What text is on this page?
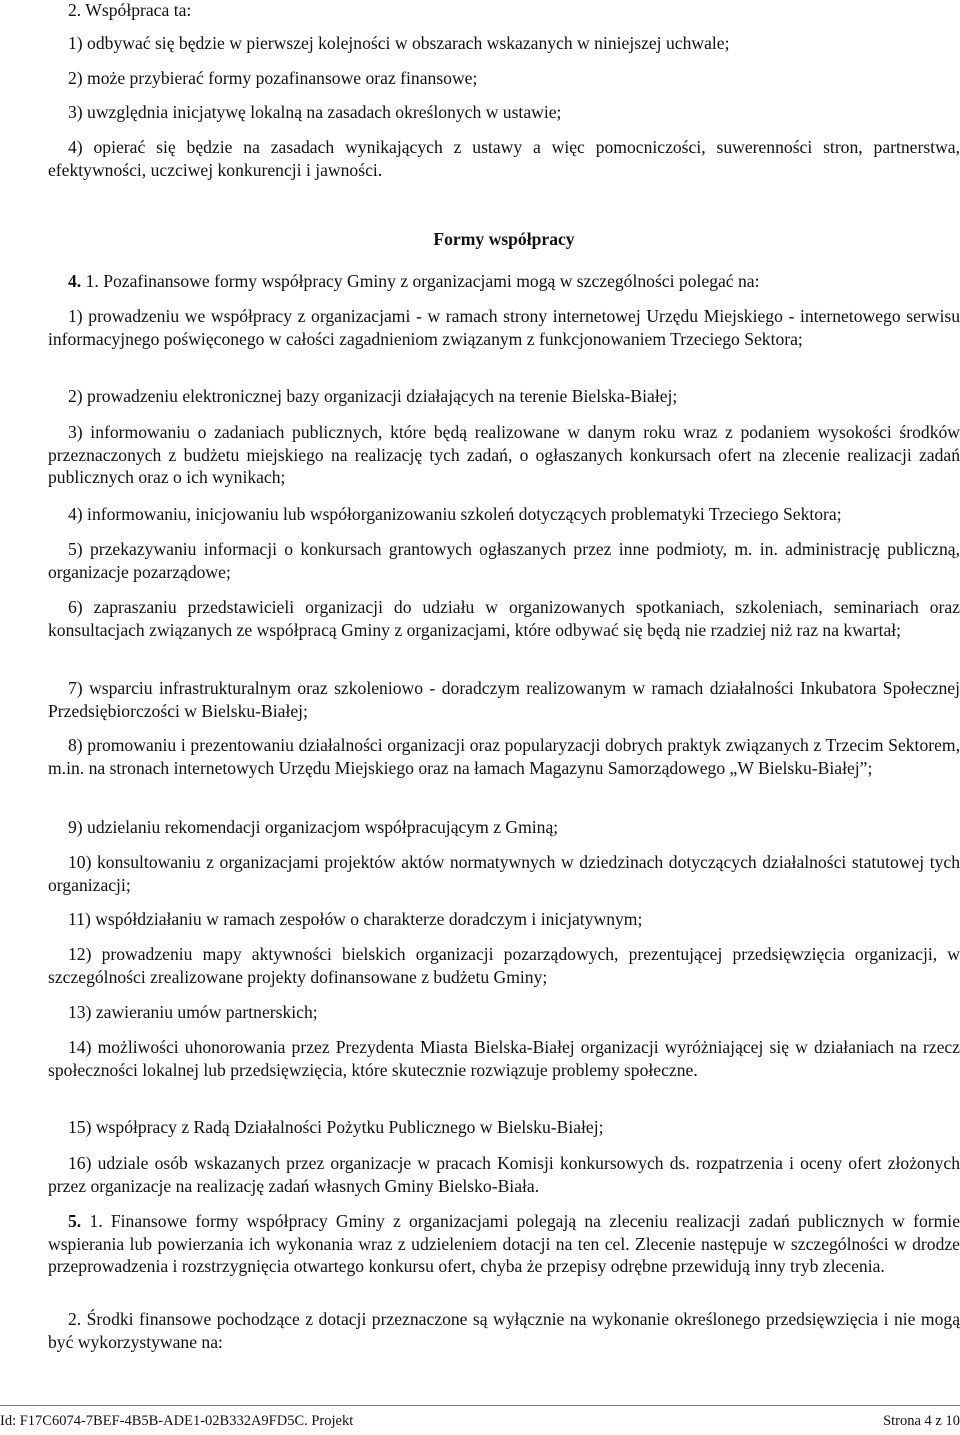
2. Współpraca ta:

1) odbywać się będzie w pierwszej kolejności w obszarach wskazanych w niniejszej uchwale;

2) może przybierać formy pozafinansowe oraz finansowe;

3) uwzględnia inicjatywę lokalną na zasadach określonych w ustawie;

4) opierać się będzie na zasadach wynikających z ustawy a więc pomocniczości, suwerenności stron, partnerstwa, efektywności, uczciwej konkurencji i jawności.

Formy współpracy

4. 1. Pozafinansowe formy współpracy Gminy z organizacjami mogą w szczególności polegać na:

1) prowadzeniu we współpracy z organizacjami - w ramach strony internetowej Urzędu Miejskiego - internetowego serwisu informacyjnego poświęconego w całości zagadnieniom związanym z funkcjonowaniem Trzeciego Sektora;

2) prowadzeniu elektronicznej bazy organizacji działających na terenie Bielska-Białej;

3) informowaniu o zadaniach publicznych, które będą realizowane w danym roku wraz z podaniem wysokości środków przeznaczonych z budżetu miejskiego na realizację tych zadań, o ogłaszanych konkursach ofert na zlecenie realizacji zadań publicznych oraz o ich wynikach;

4) informowaniu, inicjowaniu lub współorganizowaniu szkoleń dotyczących problematyki Trzeciego Sektora;

5) przekazywaniu informacji o konkursach grantowych ogłaszanych przez inne podmioty, m. in. administrację publiczną, organizacje pozarządowe;

6) zapraszaniu przedstawicieli organizacji do udziału w organizowanych spotkaniach, szkoleniach, seminariach oraz konsultacjach związanych ze współpracą Gminy z organizacjami, które odbywać się będą nie rzadziej niż raz na kwartał;

7) wsparciu infrastrukturalnym oraz szkoleniowo - doradczym realizowanym w ramach działalności Inkubatora Społecznej Przedsiębiorczości w Bielsku-Białej;

8) promowaniu i prezentowaniu działalności organizacji oraz popularyzacji dobrych praktyk związanych z Trzecim Sektorem, m.in. na stronach internetowych Urzędu Miejskiego oraz na łamach Magazynu Samorządowego „W Bielsku-Białej”;

9) udzielaniu rekomendacji organizacjom współpracującym z Gminą;

10) konsultowaniu z organizacjami projektów aktów normatywnych w dziedzinach dotyczących działalności statutowej tych organizacji;

11) współdziałaniu w ramach zespołów o charakterze doradczym i inicjatywnym;

12) prowadzeniu mapy aktywności bielskich organizacji pozarządowych, prezentującej przedsięwzięcia organizacji, w szczególności zrealizowane projekty dofinansowane z budżetu Gminy;

13) zawieraniu umów partnerskich;

14) możliwości uhonorowania przez Prezydenta Miasta Bielska-Białej organizacji wyróżniającej się w działaniach na rzecz społeczności lokalnej lub przedsięwzięcia, które skutecznie rozwiązuje problemy społeczne.

15) współpracy z Radą Działalności Pożytku Publicznego w Bielsku-Białej;

16) udziale osób wskazanych przez organizacje w pracach Komisji konkursowych ds. rozpatrzenia i oceny ofert złożonych przez organizacje na realizację zadań własnych Gminy Bielsko-Biała.

5. 1. Finansowe formy współpracy Gminy z organizacjami polegają na zleceniu realizacji zadań publicznych w formie wspierania lub powierzania ich wykonania wraz z udzieleniem dotacji na ten cel. Zlecenie następuje w szczególności w drodze przeprowadzenia i rozstrzygnięcia otwartego konkursu ofert, chyba że przepisy odrębne przewidują inny tryb zlecenia.

2. Środki finansowe pochodzące z dotacji przeznaczone są wyłącznie na wykonanie określonego przedsięwzięcia i nie mogą być wykorzystywane na:

Id: F17C6074-7BEF-4B5B-ADE1-02B332A9FD5C. Projekt	Strona 4 z 10
